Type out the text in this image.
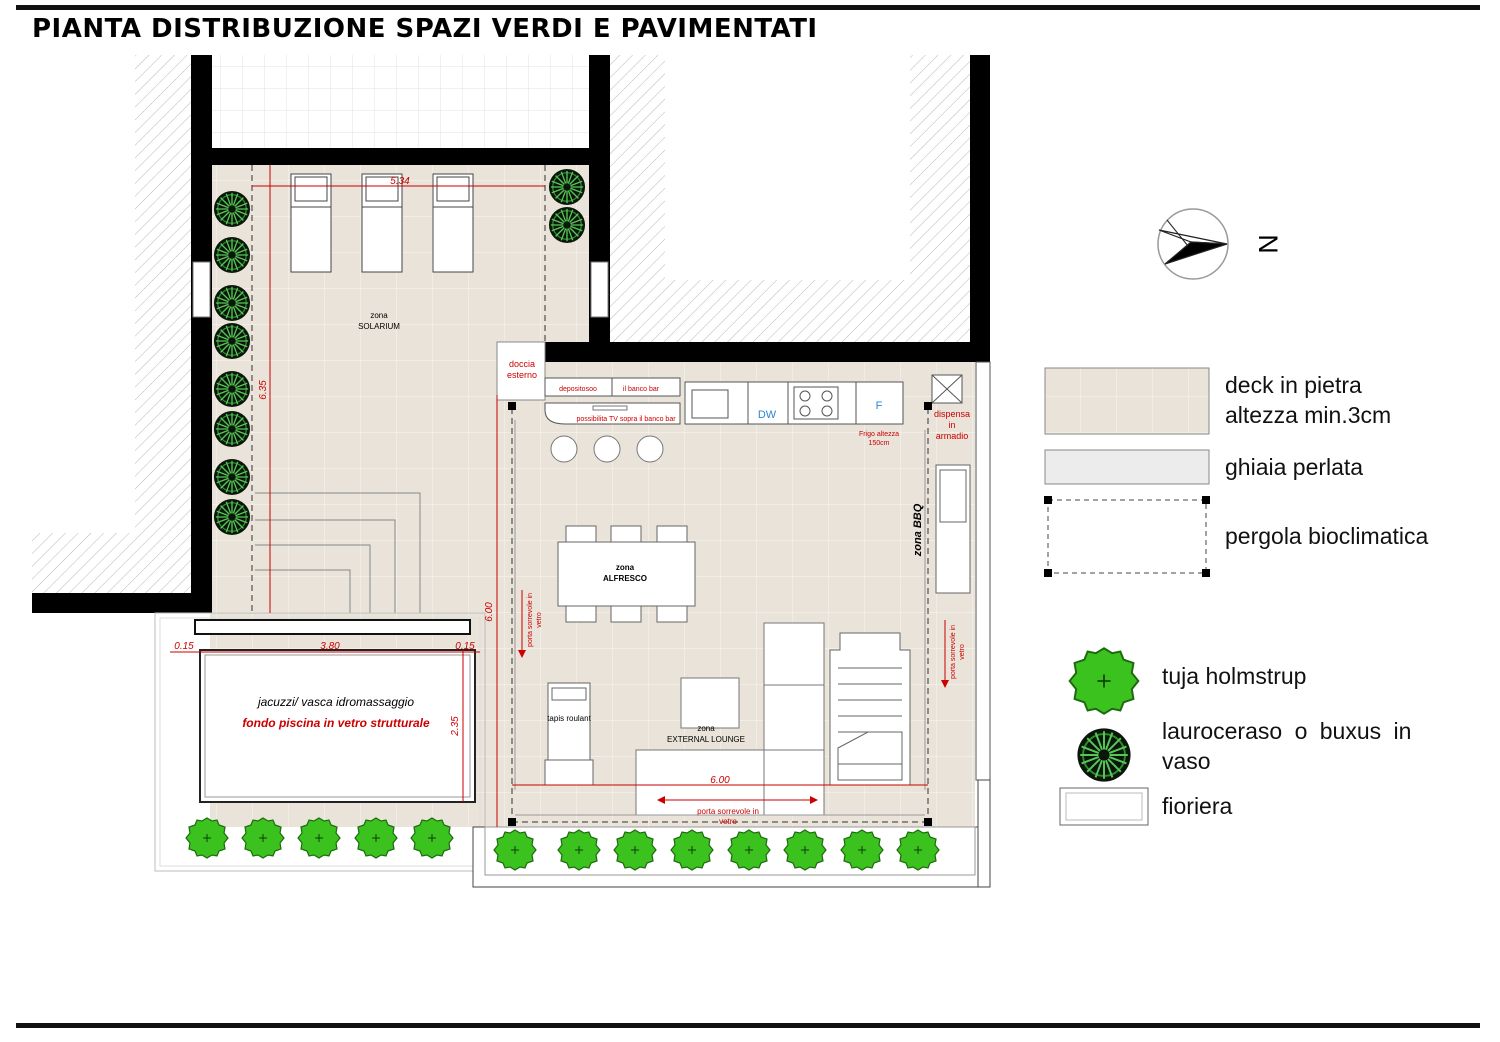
PIANTA DISTRIBUZIONE SPAZI VERDI E PAVIMENTATI
N
zona
SOLARIUM
zona
ALFRESCO
zona
EXTERNAL LOUNGE
zona BBQ
doccia
esterno
depositosoo	il banco bar
possibilita TV sopra il banco bar	DW
F
Frigo altezza
150cm
dispensa
in
armadio
porta sorrevole in vetro
porta sorrevole in vetro
porta sorrevole in
vetro
tapis roulant
jacuzzi/ vasca idromassaggio
fondo piscina in vetro strutturale
5.34
6.35
6.00
0.15	3.80	0.15
2.35
6.00
deck in pietra
altezza min.3cm
ghiaia perlata
pergola bioclimatica
tuja holmstrup
lauroceraso o buxus in
vaso
fioriera
